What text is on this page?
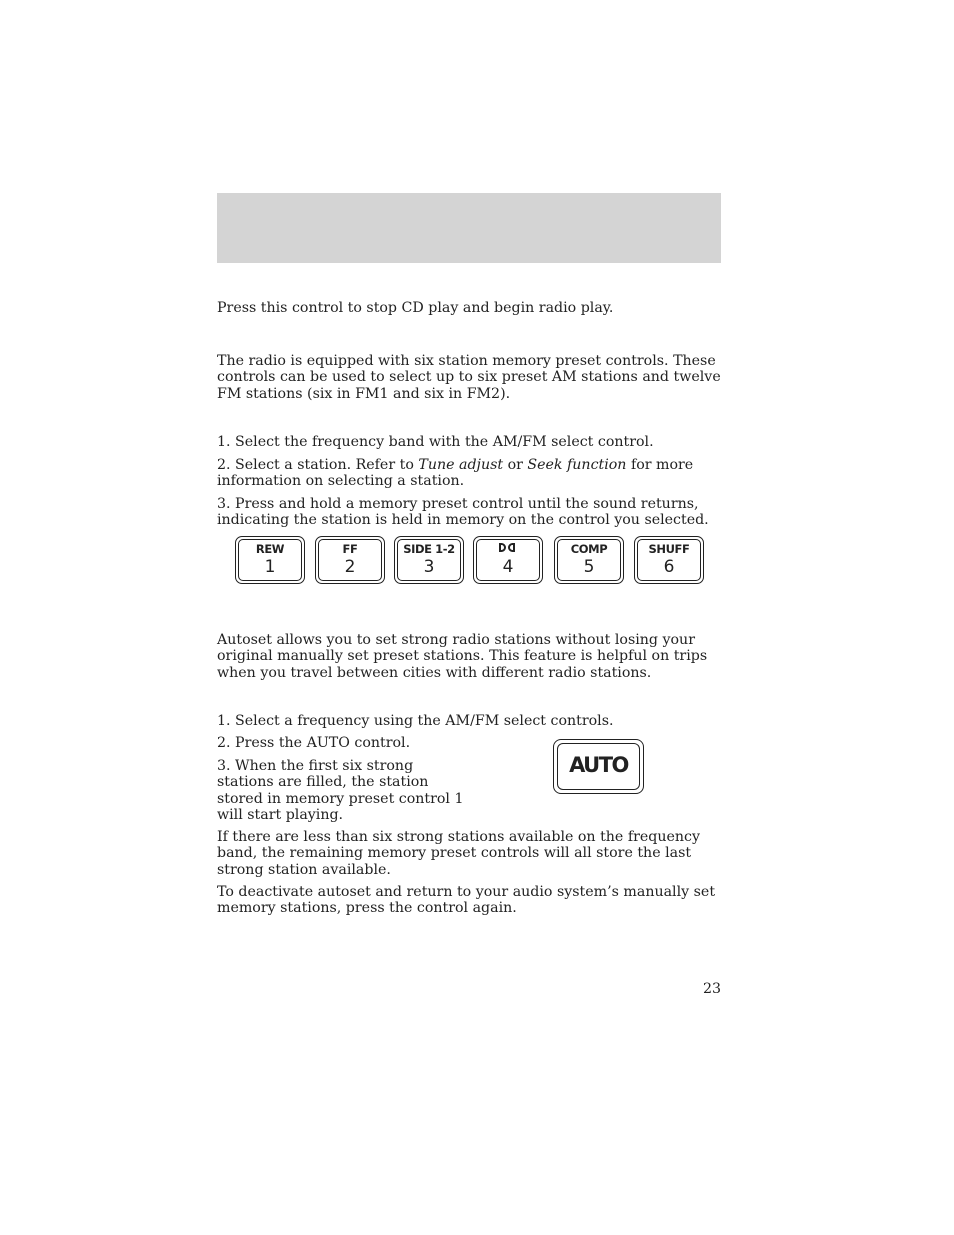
Press this control to stop CD play and begin radio play.

The radio is equipped with six station memory preset controls. These controls can be used to select up to six preset AM stations and twelve FM stations (six in FM1 and six in FM2).

1. Select the frequency band with the AM/FM select control.

2. Select a station. Refer to Tune adjust or Seek function for more information on selecting a station.

3. Press and hold a memory preset control until the sound returns, indicating the station is held in memory on the control you selected.

REW
1
FF
2
SIDE 1-2
3	4
COMP
5
SHUFF
6

Autoset allows you to set strong radio stations without losing your original manually set preset stations. This feature is helpful on trips when you travel between cities with different radio stations.

1. Select a frequency using the AM/FM select controls.

2. Press the AUTO control.

3. When the first six strong stations are filled, the station stored in memory preset control 1 will start playing.

AUTO

If there are less than six strong stations available on the frequency band, the remaining memory preset controls will all store the last strong station available.

To deactivate autoset and return to your audio system’s manually set memory stations, press the control again.

23
